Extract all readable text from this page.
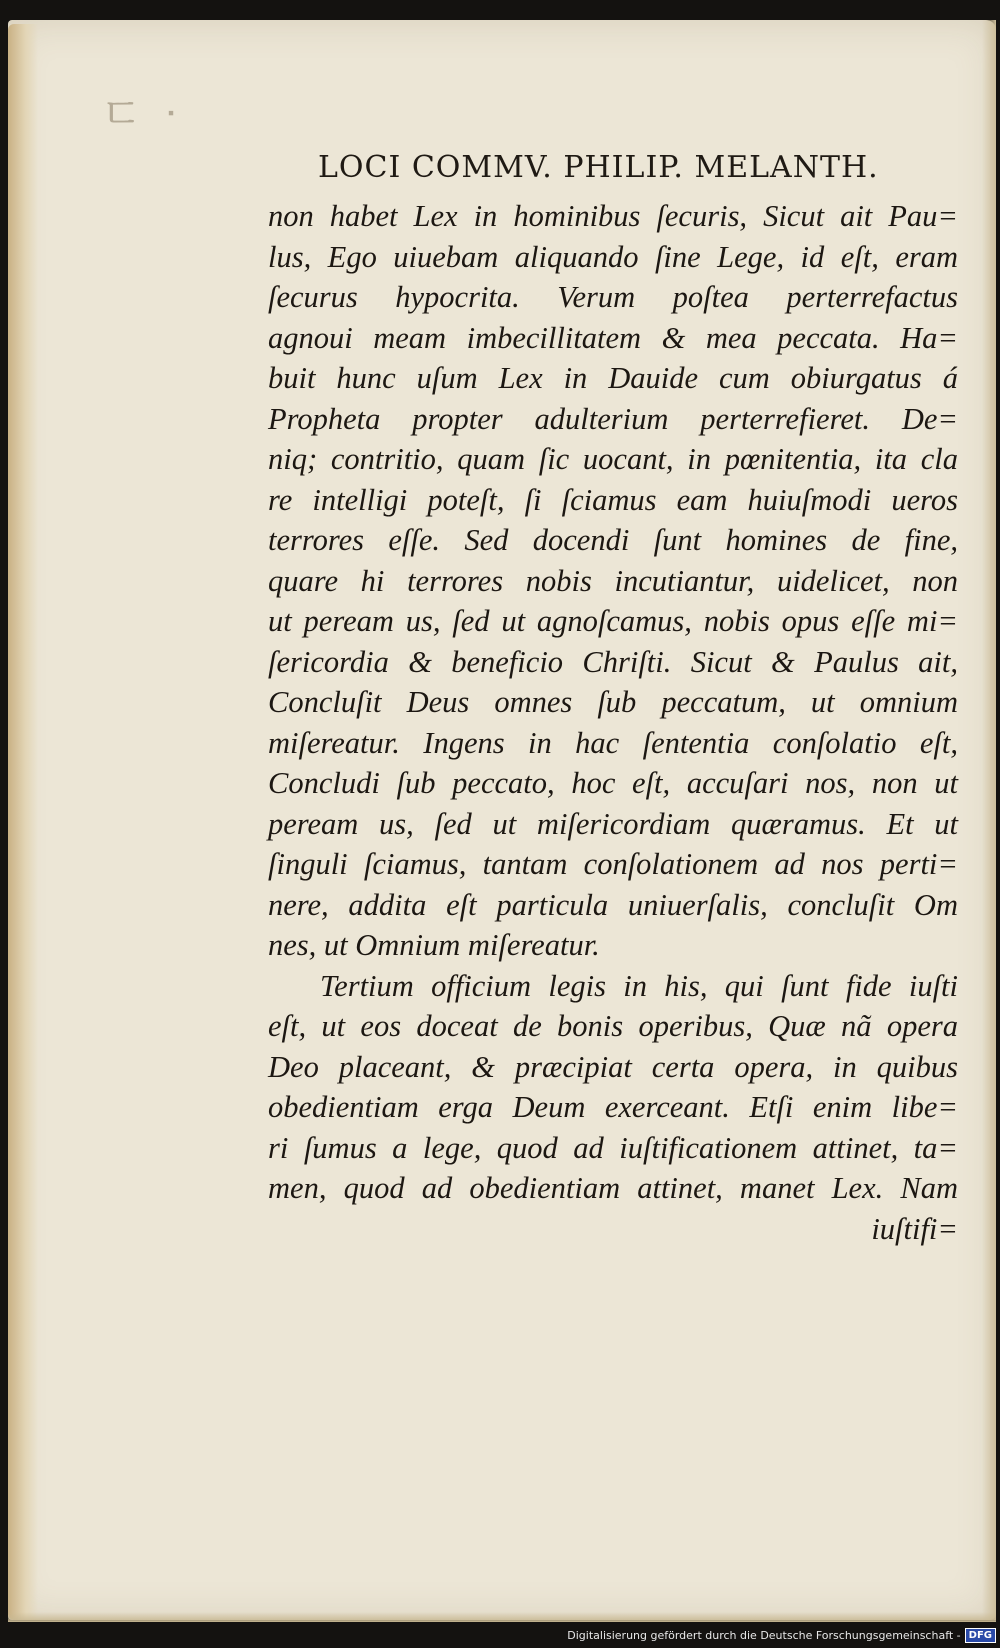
ㄷ ᐧ
LOCI COMMV. PHILIP. MELANTH.
non habet Lex in hominibus ſecuris, Sicut ait Pau=
lus, Ego uiuebam aliquando ſine Lege, id eſt, eram
ſecurus hypocrita. Verum poſtea perterrefactus
agnoui meam imbecillitatem & mea peccata. Ha=
buit hunc uſum Lex in Dauide cum obiurgatus á
Propheta propter adulterium perterrefieret. De=
niq; contritio, quam ſic uocant, in pœnitentia, ita cla
re intelligi poteſt, ſi ſciamus eam huiuſmodi ueros
terrores eſſe. Sed docendi ſunt homines de fine,
quare hi terrores nobis incutiantur, uidelicet, non
ut peream us, ſed ut agnoſcamus, nobis opus eſſe mi=
ſericordia & beneficio Chriſti. Sicut & Paulus ait,
Concluſit Deus omnes ſub peccatum, ut omnium
miſereatur. Ingens in hac ſententia conſolatio eſt,
Concludi ſub peccato, hoc eſt, accuſari nos, non ut
peream us, ſed ut miſericordiam quæramus. Et ut
ſinguli ſciamus, tantam conſolationem ad nos perti=
nere, addita eſt particula uniuerſalis, concluſit Om
nes, ut Omnium miſereatur.
Tertium officium legis in his, qui ſunt fide iuſti
eſt, ut eos doceat de bonis operibus, Quæ nã opera
Deo placeant, & præcipiat certa opera, in quibus
obedientiam erga Deum exerceant. Etſi enim libe=
ri ſumus a lege, quod ad iuſtificationem attinet, ta=
men, quod ad obedientiam attinet, manet Lex. Nam
iuſtifi=
Digitalisierung gefördert durch die Deutsche Forschungsgemeinschaft - DFG
